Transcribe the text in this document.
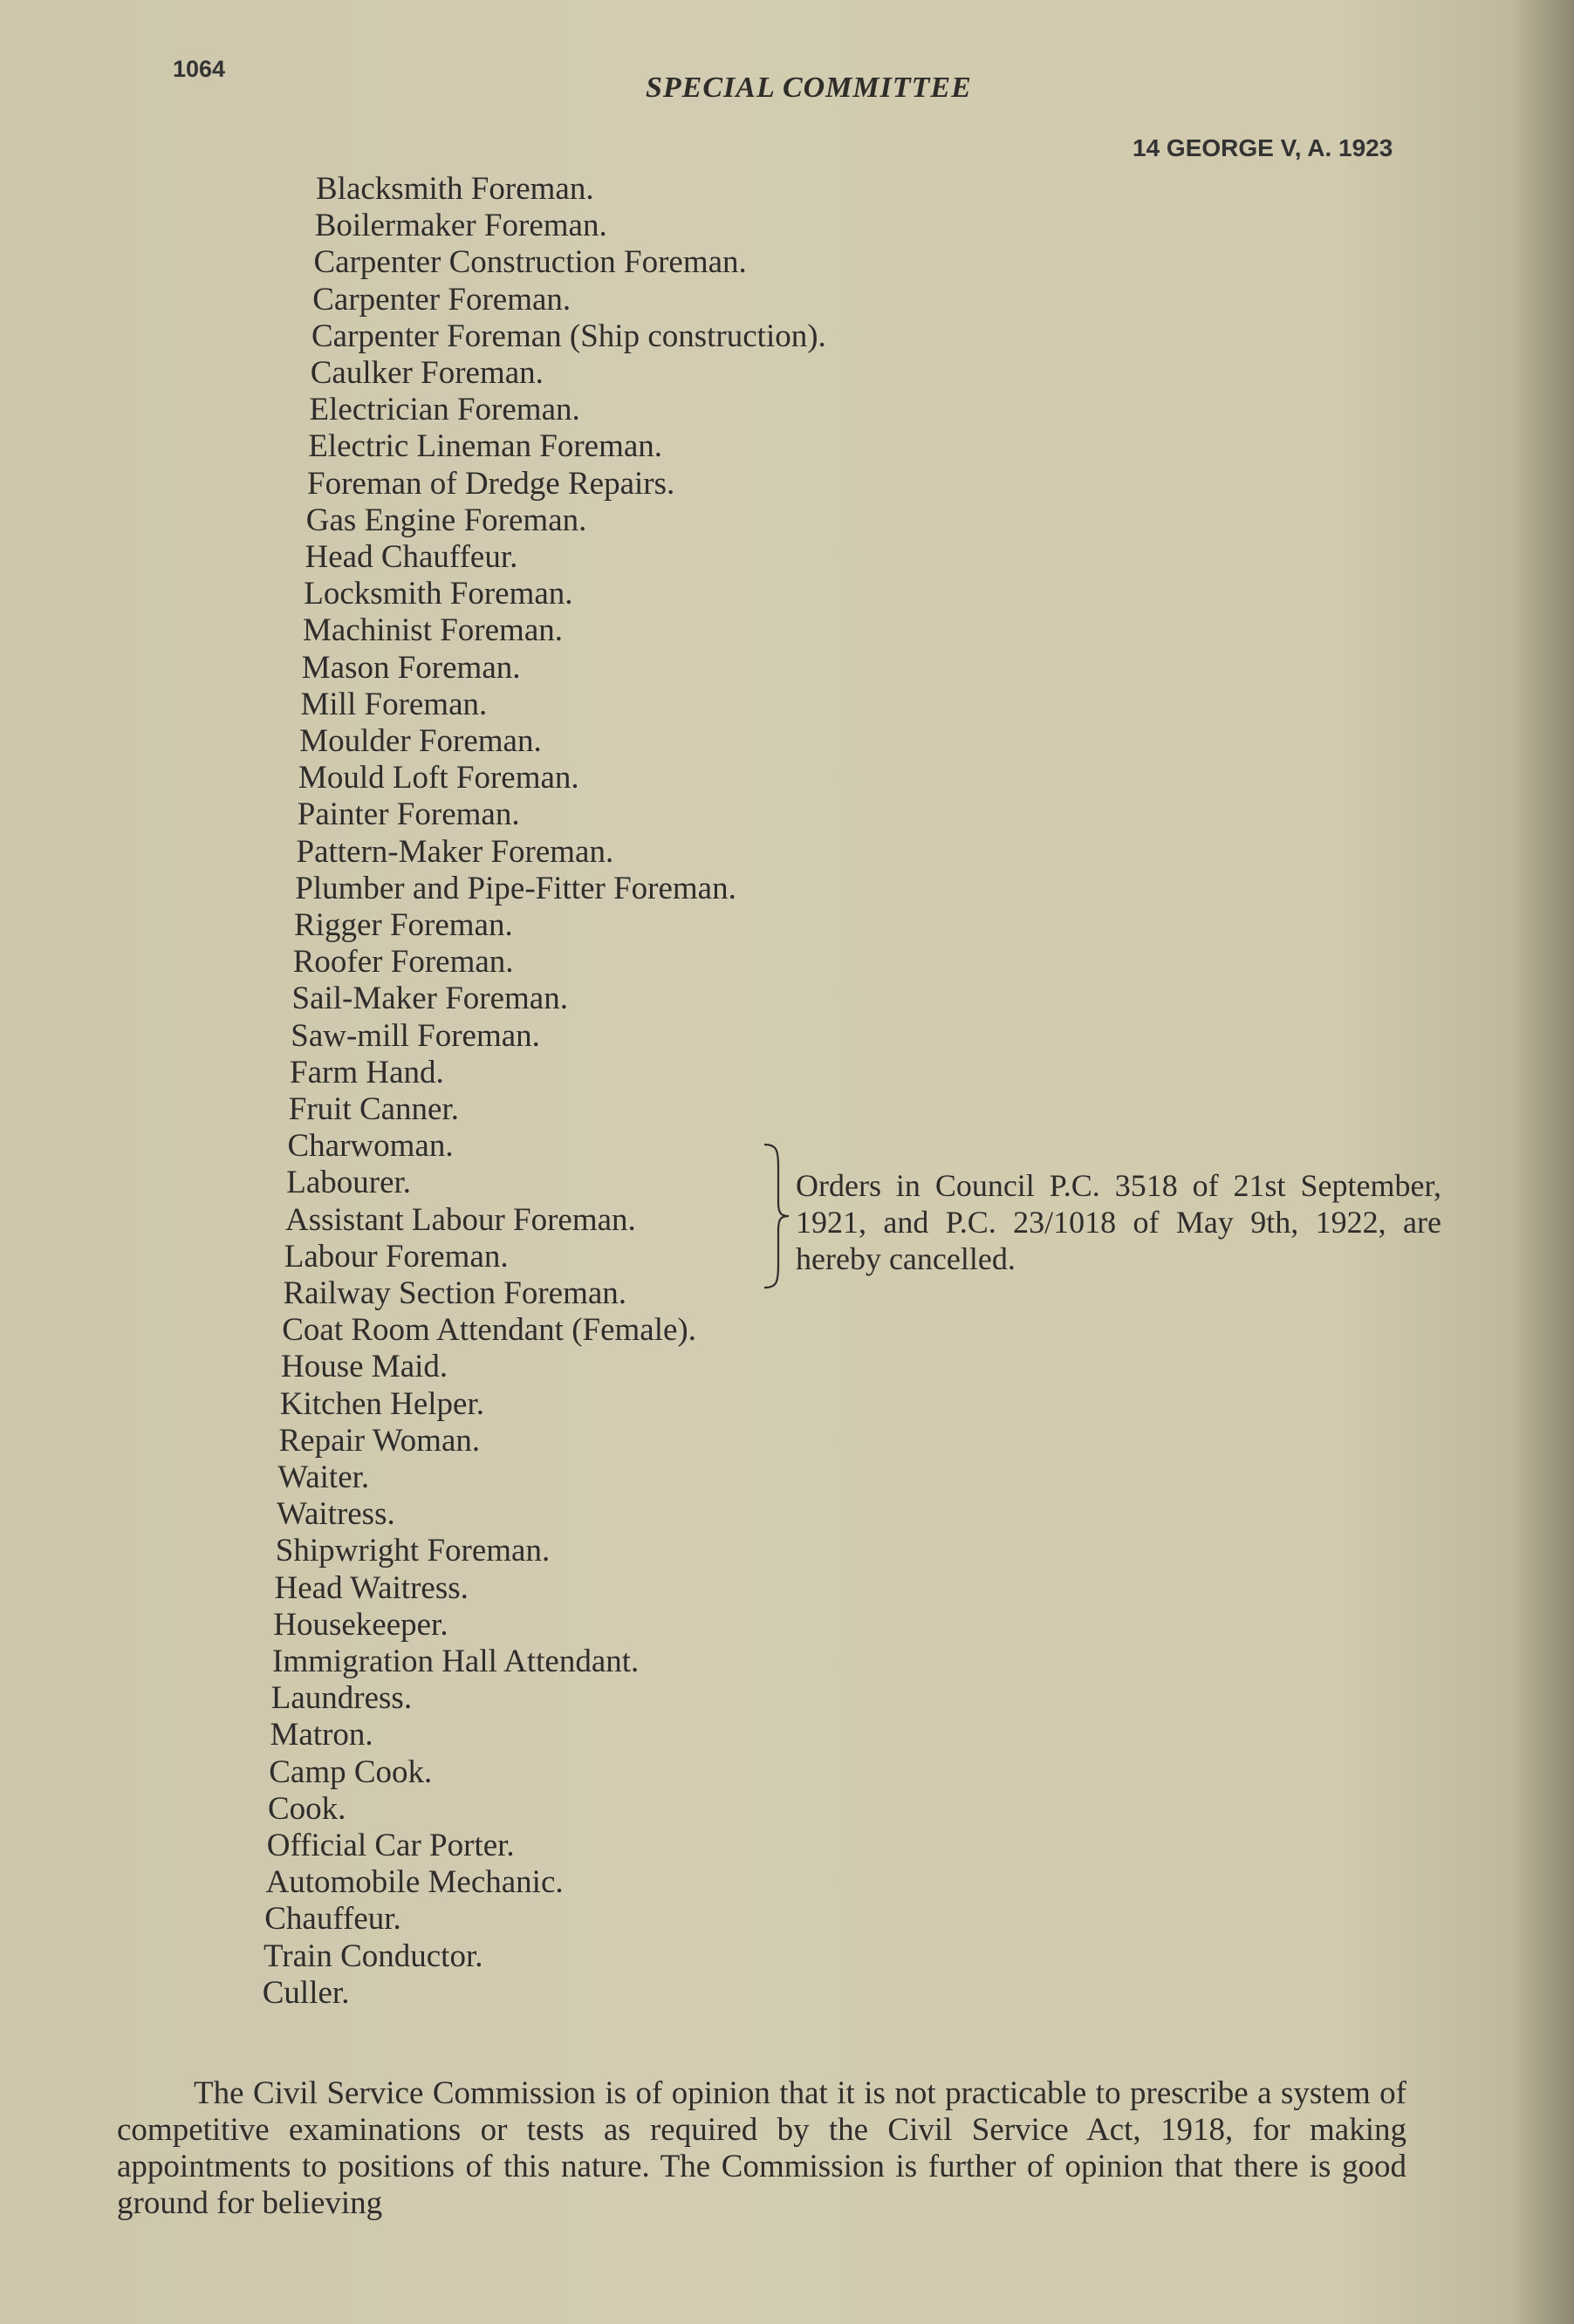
1064
SPECIAL COMMITTEE
14 GEORGE V, A. 1923
Blacksmith Foreman.
Boilermaker Foreman.
Carpenter Construction Foreman.
Carpenter Foreman.
Carpenter Foreman (Ship construction).
Caulker Foreman.
Electrician Foreman.
Electric Lineman Foreman.
Foreman of Dredge Repairs.
Gas Engine Foreman.
Head Chauffeur.
Locksmith Foreman.
Machinist Foreman.
Mason Foreman.
Mill Foreman.
Moulder Foreman.
Mould Loft Foreman.
Painter Foreman.
Pattern-Maker Foreman.
Plumber and Pipe-Fitter Foreman.
Rigger Foreman.
Roofer Foreman.
Sail-Maker Foreman.
Saw-mill Foreman.
Farm Hand.
Fruit Canner.
Charwoman.
Labourer.
Assistant Labour Foreman.
Labour Foreman.
Railway Section Foreman.
Coat Room Attendant (Female).
House Maid.
Kitchen Helper.
Repair Woman.
Waiter.
Waitress.
Shipwright Foreman.
Head Waitress.
Housekeeper.
Immigration Hall Attendant.
Laundress.
Matron.
Camp Cook.
Cook.
Official Car Porter.
Automobile Mechanic.
Chauffeur.
Train Conductor.
Culler.
Orders in Council P.C. 3518 of 21st September, 1921, and P.C. 23/1018 of May 9th, 1922, are hereby cancelled.

The Civil Service Commission is of opinion that it is not practicable to prescribe a system of competitive examinations or tests as required by the Civil Service Act, 1918, for making appointments to positions of this nature. The Commission is further of opinion that there is good ground for believing
